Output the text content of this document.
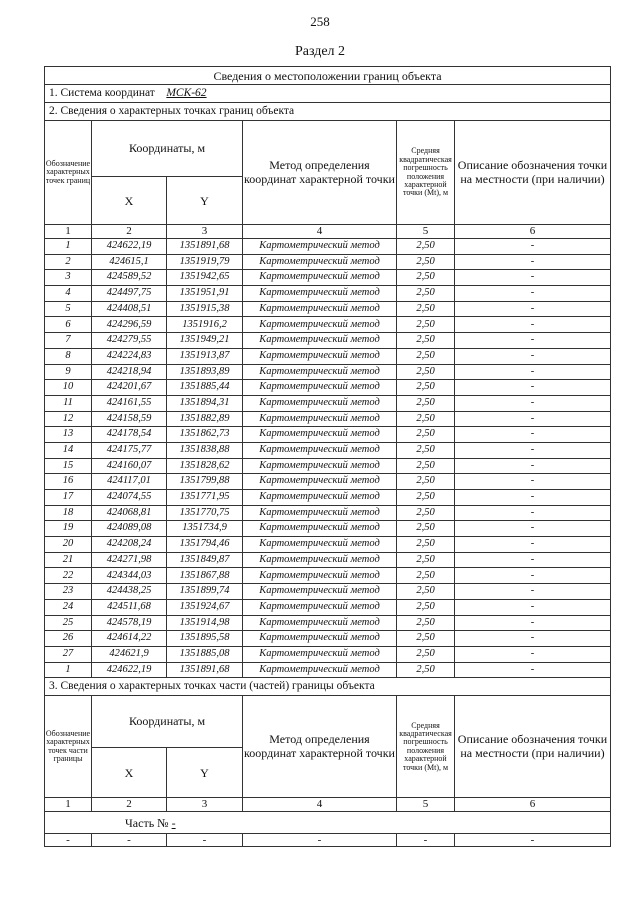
258
Раздел 2
Сведения о местоположении границ объекта					
1. Система координат МСК-62					
2. Сведения о характерных точках границ объекта					
Обозначение характерных точек границ	Координаты, м		Метод определения координат характерной точки	Средняя квадратическая погрешность положения характерной точки (Mt), м	Описание обозначения точки на местности (при наличии)
	X	Y			
1	2	3	4	5	6
1	424622,19	1351891,68	Картометрический метод	2,50	-
2	424615,1	1351919,79	Картометрический метод	2,50	-
3	424589,52	1351942,65	Картометрический метод	2,50	-
4	424497,75	1351951,91	Картометрический метод	2,50	-
5	424408,51	1351915,38	Картометрический метод	2,50	-
6	424296,59	1351916,2	Картометрический метод	2,50	-
7	424279,55	1351949,21	Картометрический метод	2,50	-
8	424224,83	1351913,87	Картометрический метод	2,50	-
9	424218,94	1351893,89	Картометрический метод	2,50	-
10	424201,67	1351885,44	Картометрический метод	2,50	-
11	424161,55	1351894,31	Картометрический метод	2,50	-
12	424158,59	1351882,89	Картометрический метод	2,50	-
13	424178,54	1351862,73	Картометрический метод	2,50	-
14	424175,77	1351838,88	Картометрический метод	2,50	-
15	424160,07	1351828,62	Картометрический метод	2,50	-
16	424117,01	1351799,88	Картометрический метод	2,50	-
17	424074,55	1351771,95	Картометрический метод	2,50	-
18	424068,81	1351770,75	Картометрический метод	2,50	-
19	424089,08	1351734,9	Картометрический метод	2,50	-
20	424208,24	1351794,46	Картометрический метод	2,50	-
21	424271,98	1351849,87	Картометрический метод	2,50	-
22	424344,03	1351867,88	Картометрический метод	2,50	-
23	424438,25	1351899,74	Картометрический метод	2,50	-
24	424511,68	1351924,67	Картометрический метод	2,50	-
25	424578,19	1351914,98	Картометрический метод	2,50	-
26	424614,22	1351895,58	Картометрический метод	2,50	-
27	424621,9	1351885,08	Картометрический метод	2,50	-
1	424622,19	1351891,68	Картометрический метод	2,50	-
3. Сведения о характерных точках части (частей) границы объекта					
Обозначение характерных точек части границы	Координаты, м		Метод определения координат характерной точки	Средняя квадратическая погрешность положения характерной точки (Mt), м	Описание обозначения точки на местности (при наличии)
	X	Y			
1	2	3	4	5	6
Часть № -					
-	-	-	-	-	-
